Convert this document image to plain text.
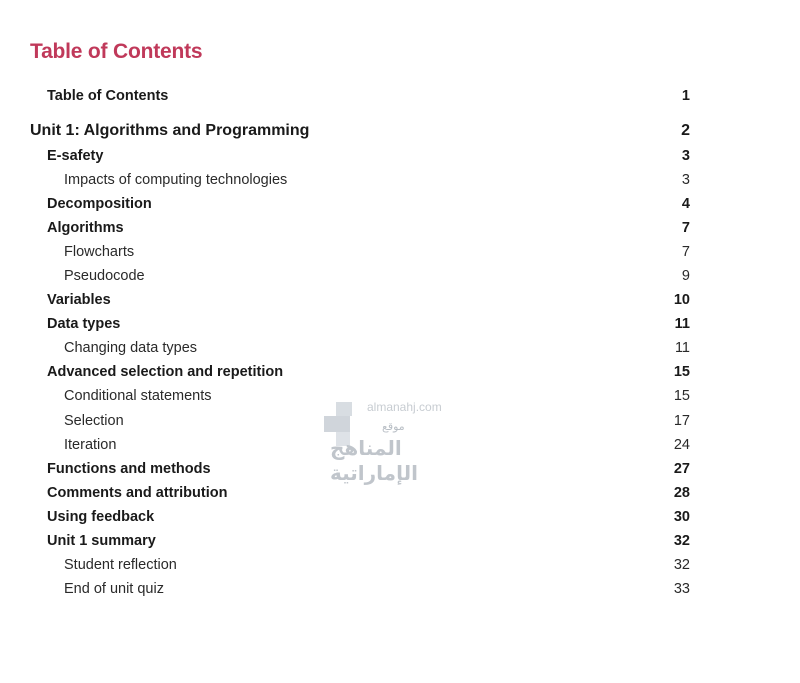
Table of Contents
Table of Contents	1
Unit 1: Algorithms and Programming	2
E-safety	3
Impacts of computing technologies	3
Decomposition	4
Algorithms	7
Flowcharts	7
Pseudocode	9
Variables	10
Data types	11
Changing data types	11
Advanced selection and repetition	15
Conditional statements	15
Selection	17
Iteration	24
Functions and methods	27
Comments and attribution	28
Using feedback	30
Unit 1 summary	32
Student reflection	32
End of unit quiz	33
almanahj.com
موقع
المناهج الإماراتية
